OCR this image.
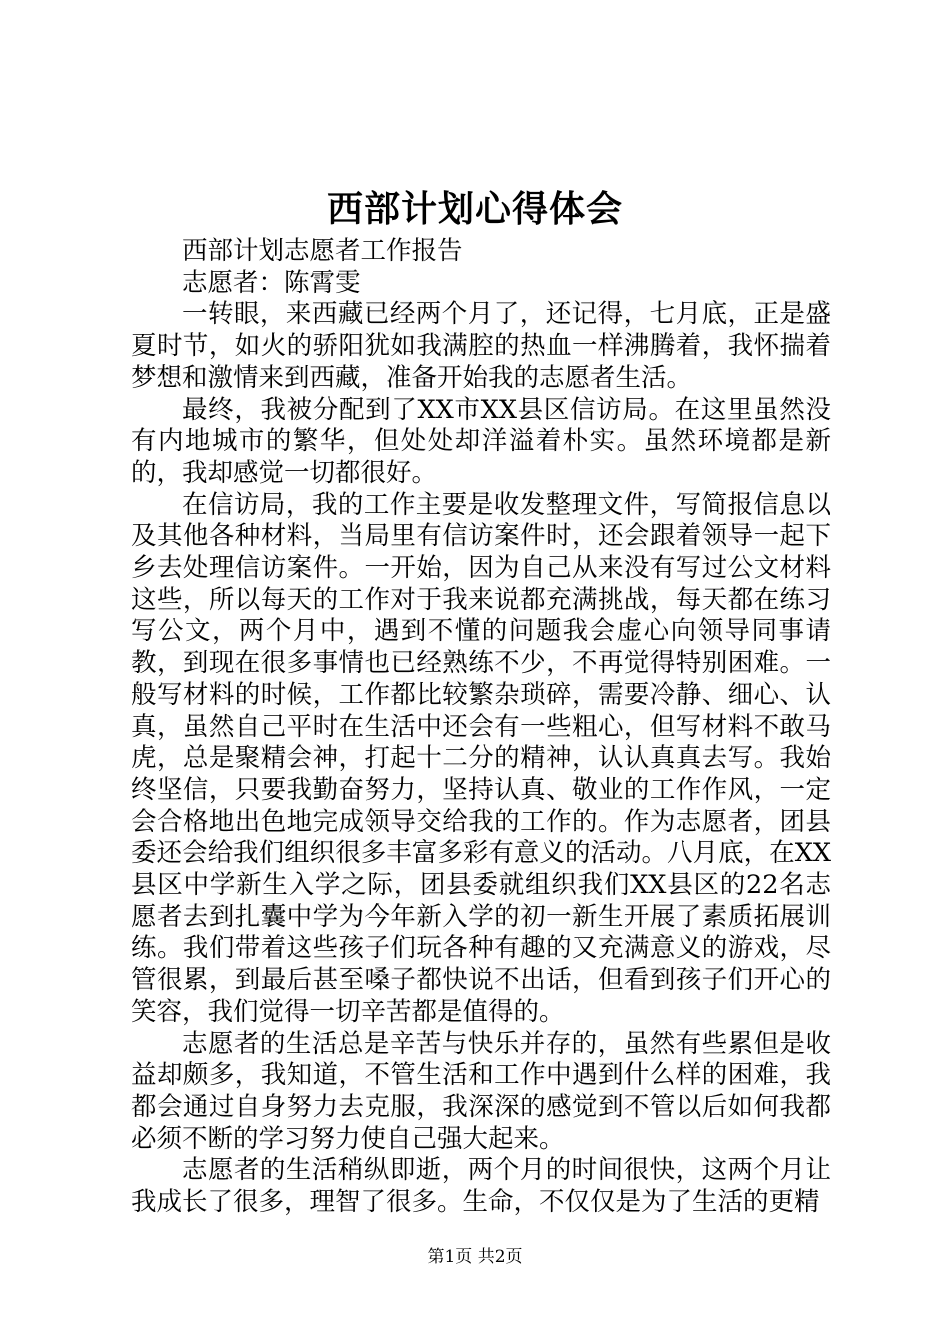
西部计划心得体会

西部计划志愿者工作报告

志愿者：陈霄雯

一转眼，来西藏已经两个月了，还记得，七月底，正是盛夏时节，如火的骄阳犹如我满腔的热血一样沸腾着，我怀揣着梦想和激情来到西藏，准备开始我的志愿者生活。

最终，我被分配到了XX市XX县区信访局。在这里虽然没有内地城市的繁华，但处处却洋溢着朴实。虽然环境都是新的，我却感觉一切都很好。

在信访局，我的工作主要是收发整理文件，写简报信息以及其他各种材料，当局里有信访案件时，还会跟着领导一起下乡去处理信访案件。一开始，因为自己从来没有写过公文材料这些，所以每天的工作对于我来说都充满挑战，每天都在练习写公文，两个月中，遇到不懂的问题我会虚心向领导同事请教，到现在很多事情也已经熟练不少，不再觉得特别困难。一般写材料的时候，工作都比较繁杂琐碎，需要冷静、细心、认真，虽然自己平时在生活中还会有一些粗心，但写材料不敢马虎，总是聚精会神，打起十二分的精神，认认真真去写。我始终坚信，只要我勤奋努力，坚持认真、敬业的工作作风，一定会合格地出色地完成领导交给我的工作的。作为志愿者，团县委还会给我们组织很多丰富多彩有意义的活动。八月底，在XX县区中学新生入学之际，团县委就组织我们XX县区的22名志愿者去到扎囊中学为今年新入学的初一新生开展了素质拓展训练。我们带着这些孩子们玩各种有趣的又充满意义的游戏，尽管很累，到最后甚至嗓子都快说不出话，但看到孩子们开心的笑容，我们觉得一切辛苦都是值得的。

志愿者的生活总是辛苦与快乐并存的，虽然有些累但是收益却颇多，我知道，不管生活和工作中遇到什么样的困难，我都会通过自身努力去克服，我深深的感觉到不管以后如何我都必须不断的学习努力使自己强大起来。

志愿者的生活稍纵即逝，两个月的时间很快，这两个月让我成长了很多，理智了很多。生命，不仅仅是为了生活的更精

第1页 共2页
